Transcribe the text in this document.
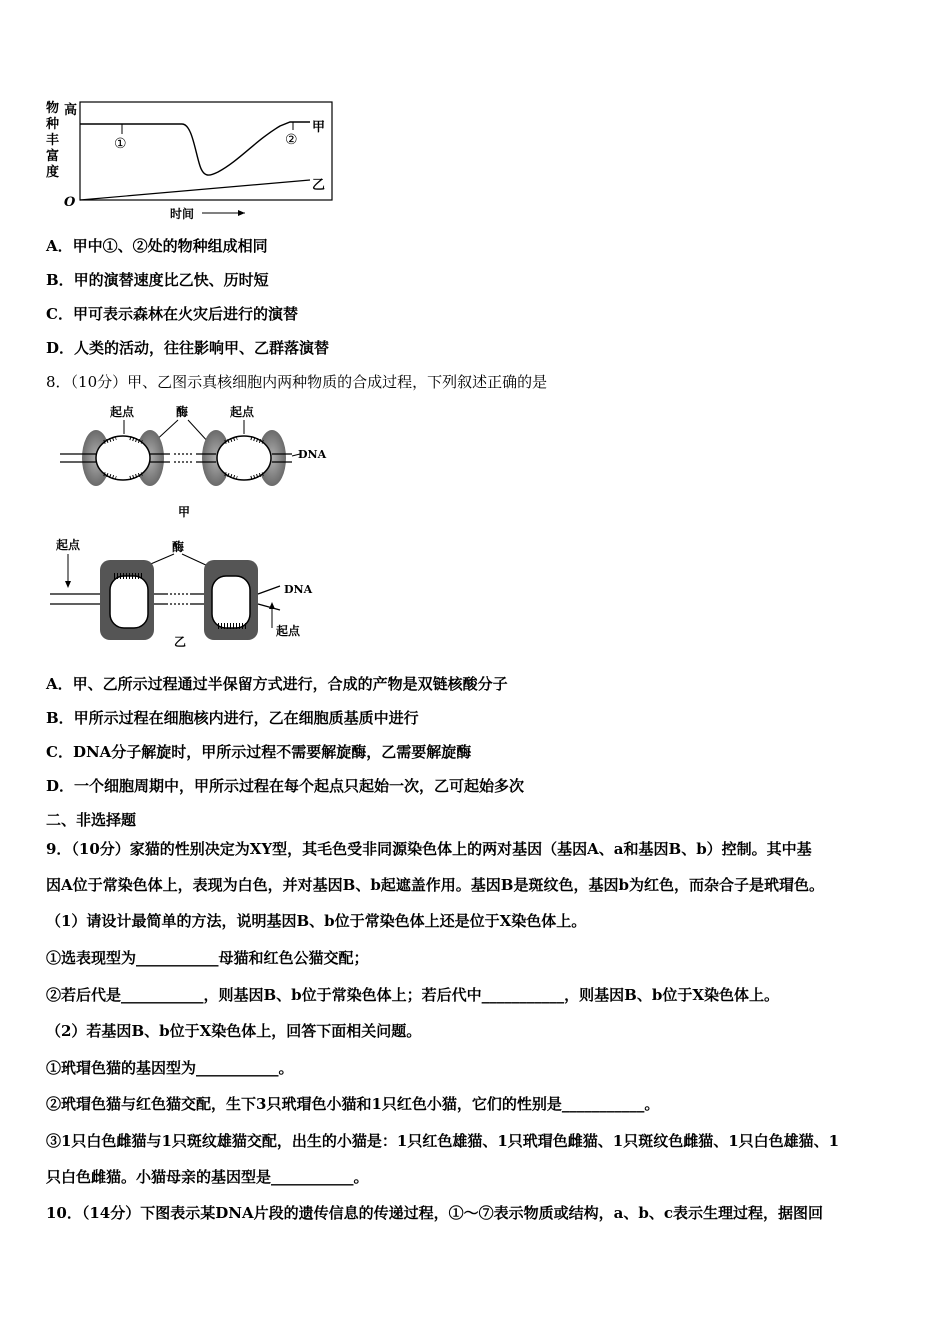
物
种
丰
富
度
高
O
①	②
甲
乙
时间
A．甲中①、②处的物种组成相同
B．甲的演替速度比乙快、历时短
C．甲可表示森林在火灾后进行的演替
D．人类的活动，往往影响甲、乙群落演替
8．（10分）甲、乙图示真核细胞内两种物质的合成过程，下列叙述正确的是
起点	酶	起点
DNA
甲
起点	酶
DNA
起点
乙
A．甲、乙所示过程通过半保留方式进行，合成的产物是双链核酸分子
B．甲所示过程在细胞核内进行，乙在细胞质基质中进行
C．DNA分子解旋时，甲所示过程不需要解旋酶，乙需要解旋酶
D．一个细胞周期中，甲所示过程在每个起点只起始一次，乙可起始多次
二、非选择题
9．（10分）家猫的性别决定为XY型，其毛色受非同源染色体上的两对基因（基因A、a和基因B、b）控制。其中基
因A位于常染色体上，表现为白色，并对基因B、b起遮盖作用。基因B是斑纹色，基因b为红色，而杂合子是玳瑁色。
（1）请设计最简单的方法，说明基因B、b位于常染色体上还是位于X染色体上。
①选表现型为___________母猫和红色公猫交配；
②若后代是___________，则基因B、b位于常染色体上；若后代中___________，则基因B、b位于X染色体上。
（2）若基因B、b位于X染色体上，回答下面相关问题。
①玳瑁色猫的基因型为___________。
②玳瑁色猫与红色猫交配，生下3只玳瑁色小猫和1只红色小猫，它们的性别是___________。
③1只白色雌猫与1只斑纹雄猫交配，出生的小猫是：1只红色雄猫、1只玳瑁色雌猫、1只斑纹色雌猫、1只白色雄猫、1
只白色雌猫。小猫母亲的基因型是___________。
10．（14分）下图表示某DNA片段的遗传信息的传递过程，①～⑦表示物质或结构，a、b、c表示生理过程，据图回
